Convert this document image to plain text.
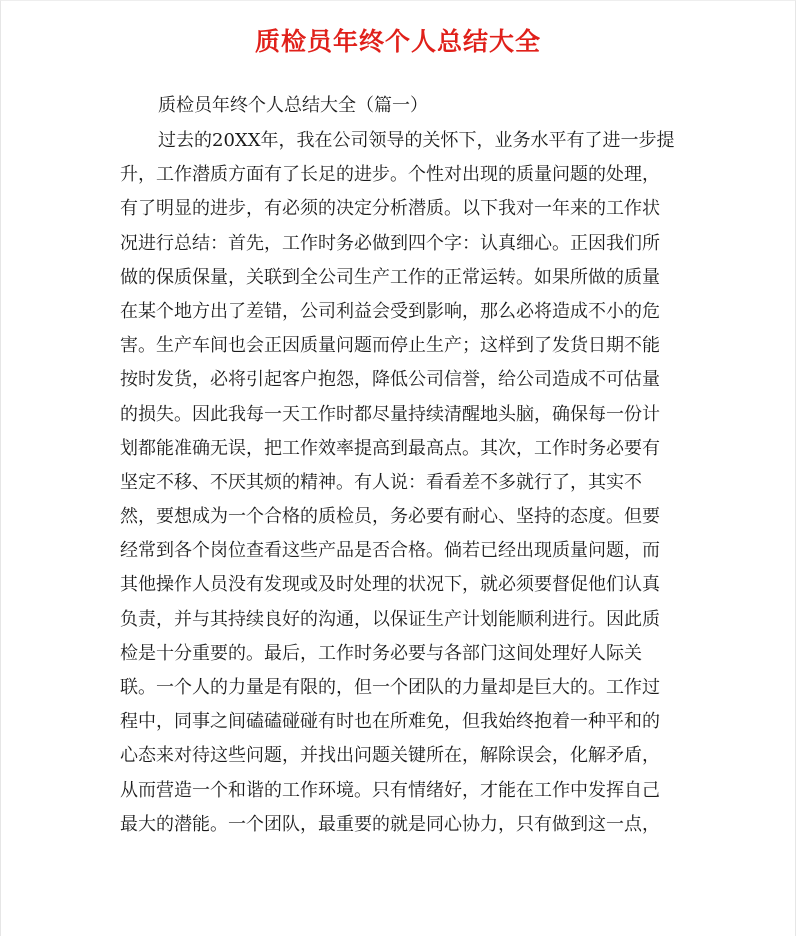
质检员年终个人总结大全
质检员年终个人总结大全（篇一）
过去的20XX年，我在公司领导的关怀下，业务水平有了进一步提
升，工作潜质方面有了长足的进步。个性对出现的质量问题的处理，
有了明显的进步，有必须的决定分析潜质。以下我对一年来的工作状
况进行总结：首先，工作时务必做到四个字：认真细心。正因我们所
做的保质保量，关联到全公司生产工作的正常运转。如果所做的质量
在某个地方出了差错，公司利益会受到影响，那么必将造成不小的危
害。生产车间也会正因质量问题而停止生产；这样到了发货日期不能
按时发货，必将引起客户抱怨，降低公司信誉，给公司造成不可估量
的损失。因此我每一天工作时都尽量持续清醒地头脑，确保每一份计
划都能准确无误，把工作效率提高到最高点。其次，工作时务必要有
坚定不移、不厌其烦的精神。有人说：看看差不多就行了，其实不
然，要想成为一个合格的质检员，务必要有耐心、坚持的态度。但要
经常到各个岗位查看这些产品是否合格。倘若已经出现质量问题，而
其他操作人员没有发现或及时处理的状况下，就必须要督促他们认真
负责，并与其持续良好的沟通，以保证生产计划能顺利进行。因此质
检是十分重要的。最后，工作时务必要与各部门这间处理好人际关
联。一个人的力量是有限的，但一个团队的力量却是巨大的。工作过
程中，同事之间磕磕碰碰有时也在所难免，但我始终抱着一种平和的
心态来对待这些问题，并找出问题关键所在，解除误会，化解矛盾，
从而营造一个和谐的工作环境。只有情绪好，才能在工作中发挥自己
最大的潜能。一个团队，最重要的就是同心协力，只有做到这一点，
